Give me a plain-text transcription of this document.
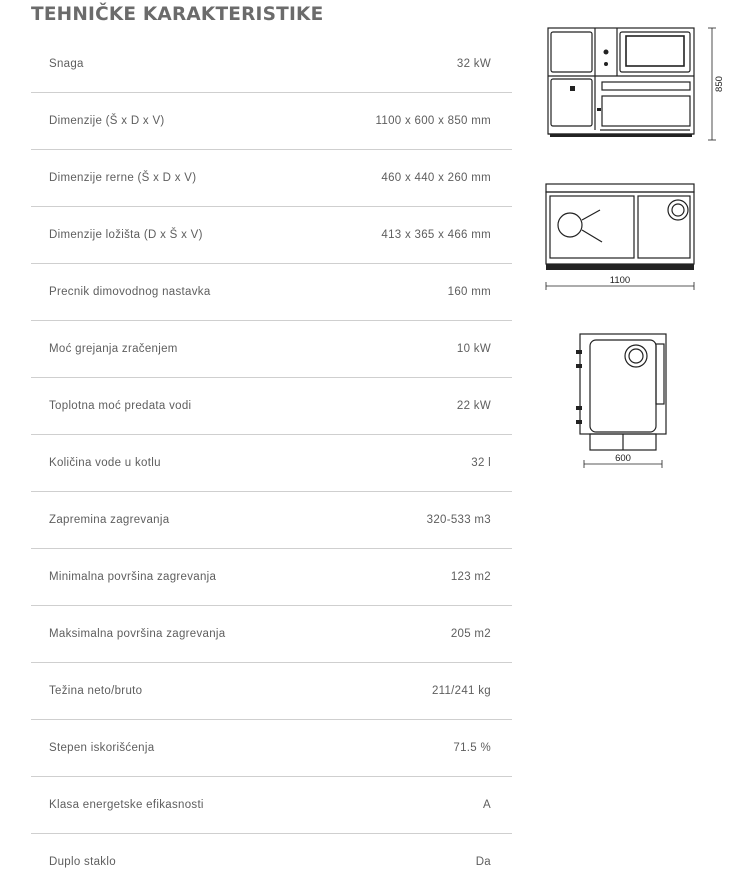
TEHNIČKE KARAKTERISTIKE
Snaga	32 kW
Dimenzije (Š x D x V)	1100 x 600 x 850 mm
Dimenzije rerne (Š x D x V)	460 x 440 x 260 mm
Dimenzije ložišta (D x Š x V)	413 x 365 x 466 mm
Precnik dimovodnog nastavka	160 mm
Moć grejanja zračenjem	10 kW
Toplotna moć predata vodi	22 kW
Količina vode u kotlu	32 l
Zapremina zagrevanja	320-533 m3
Minimalna površina zagrevanja	123 m2
Maksimalna površina zagrevanja	205 m2
Težina neto/bruto	211/241 kg
Stepen iskorišćenja	71.5 %
Klasa energetske efikasnosti	A
Duplo staklo	Da
850
1100
600
